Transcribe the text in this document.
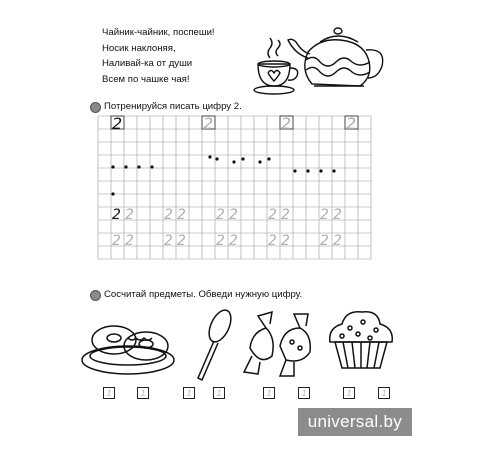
Чайник-чайник, поспеши!
Носик наклоняя,
Наливай-ка от души
Всем по чашке чая!
Потренируйся писать цифру 2.
2	2	2	2
2 2 2 2 2 2 2 2 2 2
2 2 2 2 2 2 2 2 2 2
Сосчитай предметы. Обведи нужную цифру.
1	1	1	1	1	1	1	1
universal.by
